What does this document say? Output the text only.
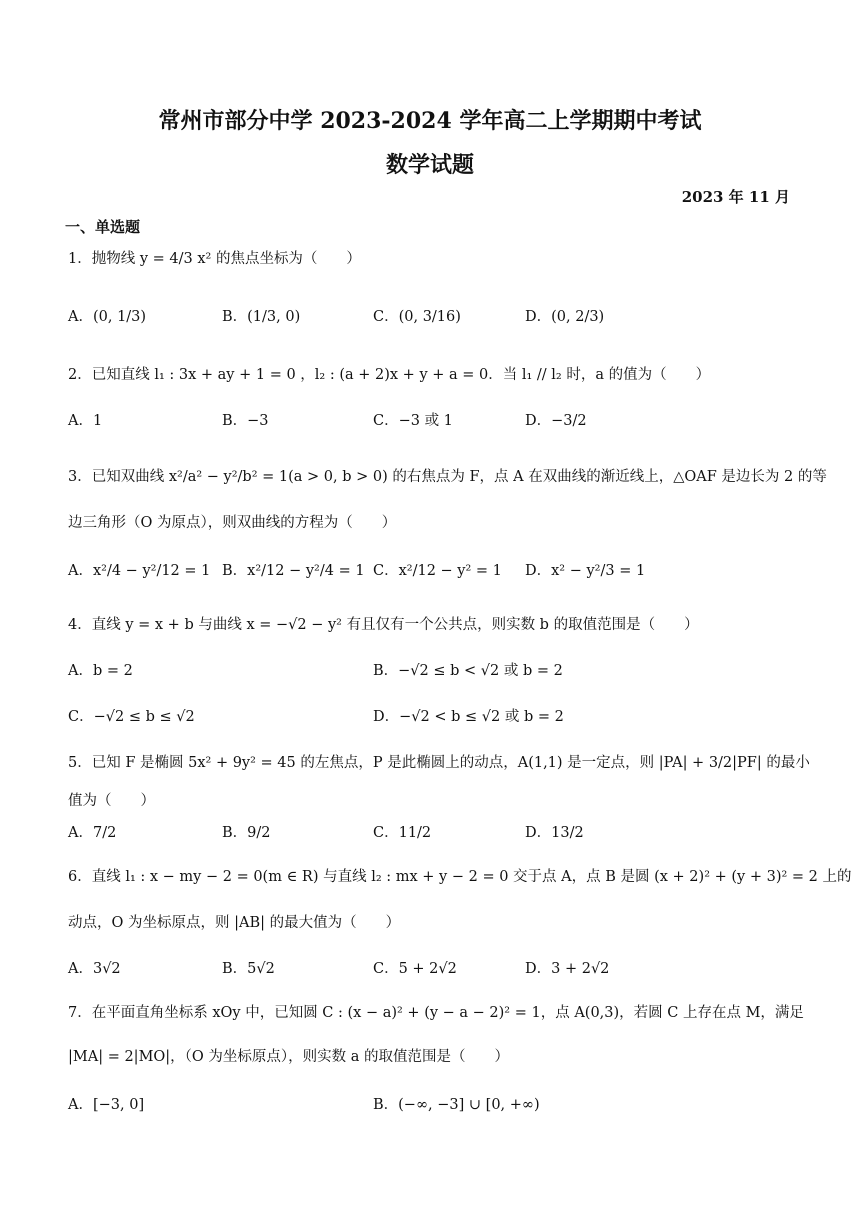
常州市部分中学 2023-2024 学年高二上学期期中考试
数学试题
2023 年 11 月
一、单选题
1．抛物线 y = 4/3 x² 的焦点坐标为（　　）
A．(0, 1/3)	B．(1/3, 0)	C．(0, 3/16)	D．(0, 2/3)
2．已知直线 l₁ : 3x + ay + 1 = 0 ，l₂ : (a + 2)x + y + a = 0．当 l₁ // l₂ 时，a 的值为（　　）
A．1	B．−3	C．−3 或 1	D．−3/2
3．已知双曲线 x²/a² − y²/b² = 1(a > 0, b > 0) 的右焦点为 F，点 A 在双曲线的渐近线上，△OAF 是边长为 2 的等
边三角形（O 为原点），则双曲线的方程为（　　）
A．x²/4 − y²/12 = 1 B．x²/12 − y²/4 = 1 C．x²/12 − y² = 1 D．x² − y²/3 = 1
4．直线 y = x + b 与曲线 x = −√2 − y² 有且仅有一个公共点，则实数 b 的取值范围是（　　）
A．b = 2	B．−√2 ≤ b < √2 或 b = 2
C．−√2 ≤ b ≤ √2	D．−√2 < b ≤ √2 或 b = 2
5．已知 F 是椭圆 5x² + 9y² = 45 的左焦点，P 是此椭圆上的动点，A(1,1) 是一定点，则 |PA| + 3/2|PF| 的最小
值为（　　）
A．7/2	B．9/2	C．11/2	D．13/2
6．直线 l₁ : x − my − 2 = 0(m ∈ R) 与直线 l₂ : mx + y − 2 = 0 交于点 A，点 B 是圆 (x + 2)² + (y + 3)² = 2 上的
动点，O 为坐标原点，则 |AB| 的最大值为（　　）
A．3√2	B．5√2	C．5 + 2√2	D．3 + 2√2
7．在平面直角坐标系 xOy 中，已知圆 C : (x − a)² + (y − a − 2)² = 1，点 A(0,3)，若圆 C 上存在点 M，满足
|MA| = 2|MO|，（O 为坐标原点），则实数 a 的取值范围是（　　）
A．[−3, 0]	B．(−∞, −3] ∪ [0, +∞)
